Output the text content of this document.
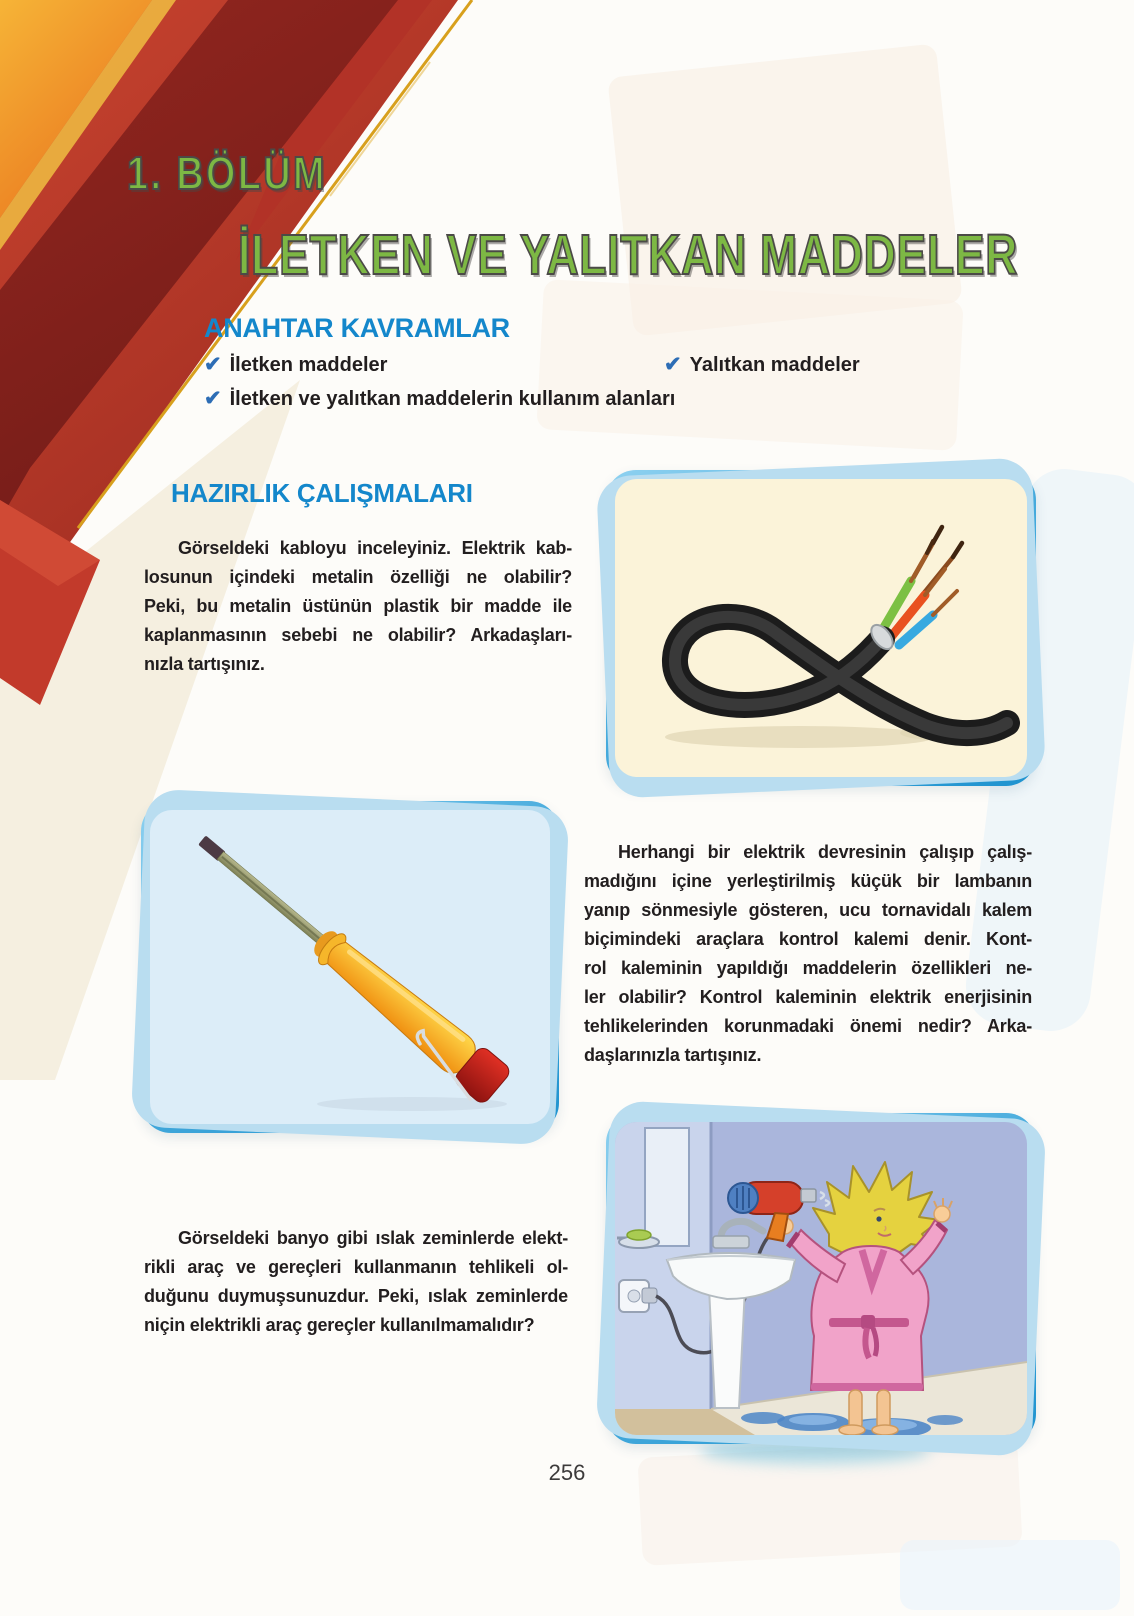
1. BÖLÜM
İLETKEN VE YALITKAN MADDELER
ANAHTAR KAVRAMLAR
✔ İletken maddeler	✔ Yalıtkan maddeler
✔ İletken ve yalıtkan maddelerin kullanım alanları
HAZIRLIK ÇALIŞMALARI
Görseldeki kabloyu inceleyiniz. Elektrik kab-
losunun içindeki metalin özelliği ne olabilir?
Peki, bu metalin üstünün plastik bir madde ile
kaplanmasının sebebi ne olabilir? Arkadaşları-
nızla tartışınız.
Herhangi bir elektrik devresinin çalışıp çalış-
madığını içine yerleştirilmiş küçük bir lambanın
yanıp sönmesiyle gösteren, ucu tornavidalı kalem
biçimindeki araçlara kontrol kalemi denir. Kont-
rol kaleminin yapıldığı maddelerin özellikleri ne-
ler olabilir? Kontrol kaleminin elektrik enerjisinin
tehlikelerinden korunmadaki önemi nedir? Arka-
daşlarınızla tartışınız.
Görseldeki banyo gibi ıslak zeminlerde elekt-
rikli araç ve gereçleri kullanmanın tehlikeli ol-
duğunu duymuşsunuzdur. Peki, ıslak zeminlerde
niçin elektrikli araç gereçler kullanılmamalıdır?
256
